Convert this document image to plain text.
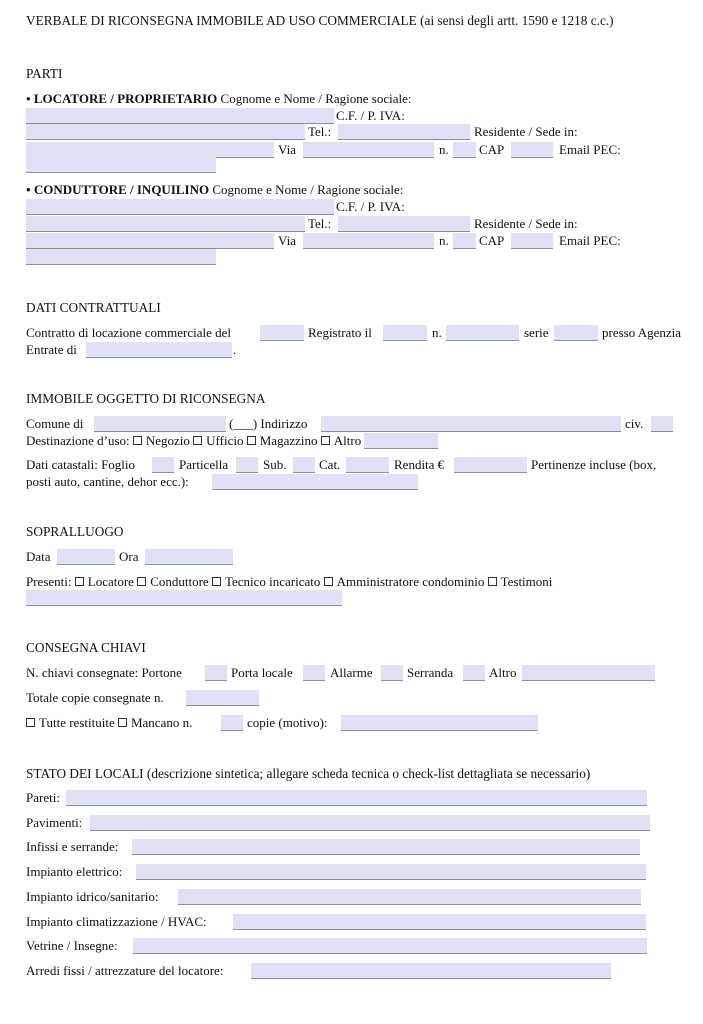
VERBALE DI RICONSEGNA IMMOBILE AD USO COMMERCIALE (ai sensi degli artt. 1590 e 1218 c.c.)
PARTI
• LOCATORE / PROPRIETARIO Cognome e Nome / Ragione sociale:
C.F. / P. IVA:
Tel.:	Residente / Sede in:
Via	n. CAP	Email PEC:
• CONDUTTORE / INQUILINO Cognome e Nome / Ragione sociale:
C.F. / P. IVA:
Tel.:	Residente / Sede in:
Via	n. CAP	Email PEC:
DATI CONTRATTUALI
Contratto di locazione commerciale del	Registrato il	n.	serie	presso Agenzia
Entrate di	.
IMMOBILE OGGETTO DI RICONSEGNA
Comune di	(___) Indirizzo	civ.
Destinazione d’uso: Negozio Ufficio Magazzino Altro
Dati catastali: Foglio	Particella	Sub.	Cat.	Rendita €	Pertinenze incluse (box,
posti auto, cantine, dehor ecc.):
SOPRALLUOGO
Data	Ora
Presenti: Locatore Conduttore Tecnico incaricato Amministratore condominio Testimoni
CONSEGNA CHIAVI
N. chiavi consegnate: Portone	Porta locale	Allarme	Serranda	Altro
Totale copie consegnate n.
Tutte restituite Mancano n.	copie (motivo):
STATO DEI LOCALI (descrizione sintetica; allegare scheda tecnica o check-list dettagliata se necessario)
Pareti:
Pavimenti:
Infissi e serrande:
Impianto elettrico:
Impianto idrico/sanitario:
Impianto climatizzazione / HVAC:
Vetrine / Insegne:
Arredi fissi / attrezzature del locatore:
